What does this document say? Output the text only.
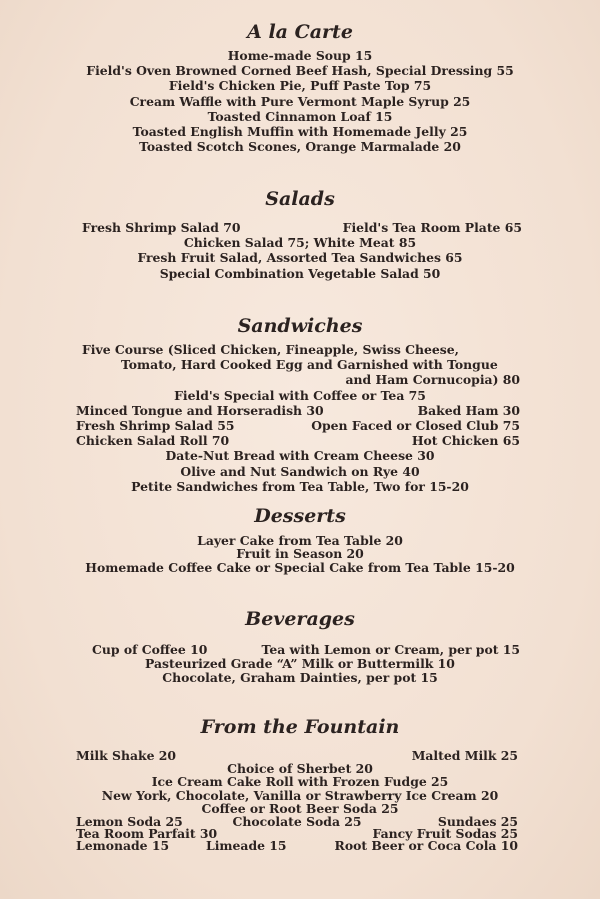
A la Carte
Home-made Soup 15
Field's Oven Browned Corned Beef Hash, Special Dressing 55
Field's Chicken Pie, Puff Paste Top 75
Cream Waffle with Pure Vermont Maple Syrup 25
Toasted Cinnamon Loaf 15
Toasted English Muffin with Homemade Jelly 25
Toasted Scotch Scones, Orange Marmalade 20
Salads
Fresh Shrimp Salad 70	Field's Tea Room Plate 65
Chicken Salad 75; White Meat 85
Fresh Fruit Salad, Assorted Tea Sandwiches 65
Special Combination Vegetable Salad 50
Sandwiches
Five Course (Sliced Chicken, Fineapple, Swiss Cheese,
Tomato, Hard Cooked Egg and Garnished with Tongue
and Ham Cornucopia) 80
Field's Special with Coffee or Tea 75
Minced Tongue and Horseradish 30	Baked Ham 30
Fresh Shrimp Salad 55	Open Faced or Closed Club 75
Chicken Salad Roll 70	Hot Chicken 65
Date-Nut Bread with Cream Cheese 30
Olive and Nut Sandwich on Rye 40
Petite Sandwiches from Tea Table, Two for 15-20
Desserts
Layer Cake from Tea Table 20
Fruit in Season 20
Homemade Coffee Cake or Special Cake from Tea Table 15-20
Beverages
Cup of Coffee 10	Tea with Lemon or Cream, per pot 15
Pasteurized Grade “A” Milk or Buttermilk 10
Chocolate, Graham Dainties, per pot 15
From the Fountain
Milk Shake 20	Malted Milk 25
Choice of Sherbet 20
Ice Cream Cake Roll with Frozen Fudge 25
New York, Chocolate, Vanilla or Strawberry Ice Cream 20
Coffee or Root Beer Soda 25
Lemon Soda 25	Chocolate Soda 25	Sundaes 25
Tea Room Parfait 30	Fancy Fruit Sodas 25
Lemonade 15	Limeade 15	Root Beer or Coca Cola 10
